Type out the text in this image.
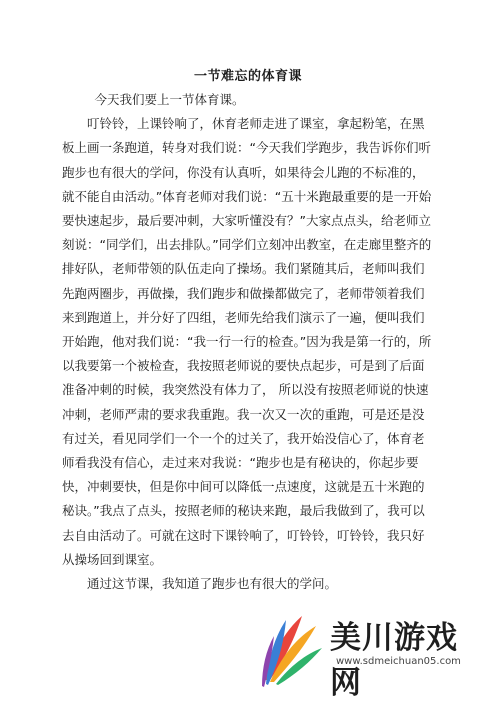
一节难忘的体育课

今天我们要上一节体育课。

叮铃铃，上课铃响了，休育老师走进了课室，拿起粉笔，在黑板上画一条跑道，转身对我们说：“今天我们学跑步，我告诉你们听跑步也有很大的学问，你没有认真听，如果待会儿跑的不标准的，就不能自由活动。”体育老师对我们说：“五十米跑最重要的是一开始要快速起步，最后要冲刺，大家听懂没有？”大家点点头，给老师立刻说：“同学们，出去排队。”同学们立刻冲出教室，在走廊里整齐的排好队，老师带领的队伍走向了操场。我们紧随其后，老师叫我们先跑两圈步，再做操，我们跑步和做操都做完了，老师带领着我们来到跑道上，并分好了四组，老师先给我们演示了一遍，便叫我们开始跑，他对我们说：“我一行一行的检查。”因为我是第一行的，所以我要第一个被检查，我按照老师说的要快点起步，可是到了后面准备冲刺的时候，我突然没有体力了， 所以没有按照老师说的快速冲刺，老师严肃的要求我重跑。我一次又一次的重跑，可是还是没有过关，看见同学们一个一个的过关了，我开始没信心了，体育老师看我没有信心，走过来对我说：“跑步也是有秘诀的，你起步要快，冲刺要快，但是你中间可以降低一点速度，这就是五十米跑的秘诀。”我点了点头，按照老师的秘诀来跑，最后我做到了，我可以去自由活动了。可就在这时下课铃响了，叮铃铃，叮铃铃，我只好从操场回到课室。

通过这节课，我知道了跑步也有很大的学问。

美川游戏网
www.sdmeichuan05.com
